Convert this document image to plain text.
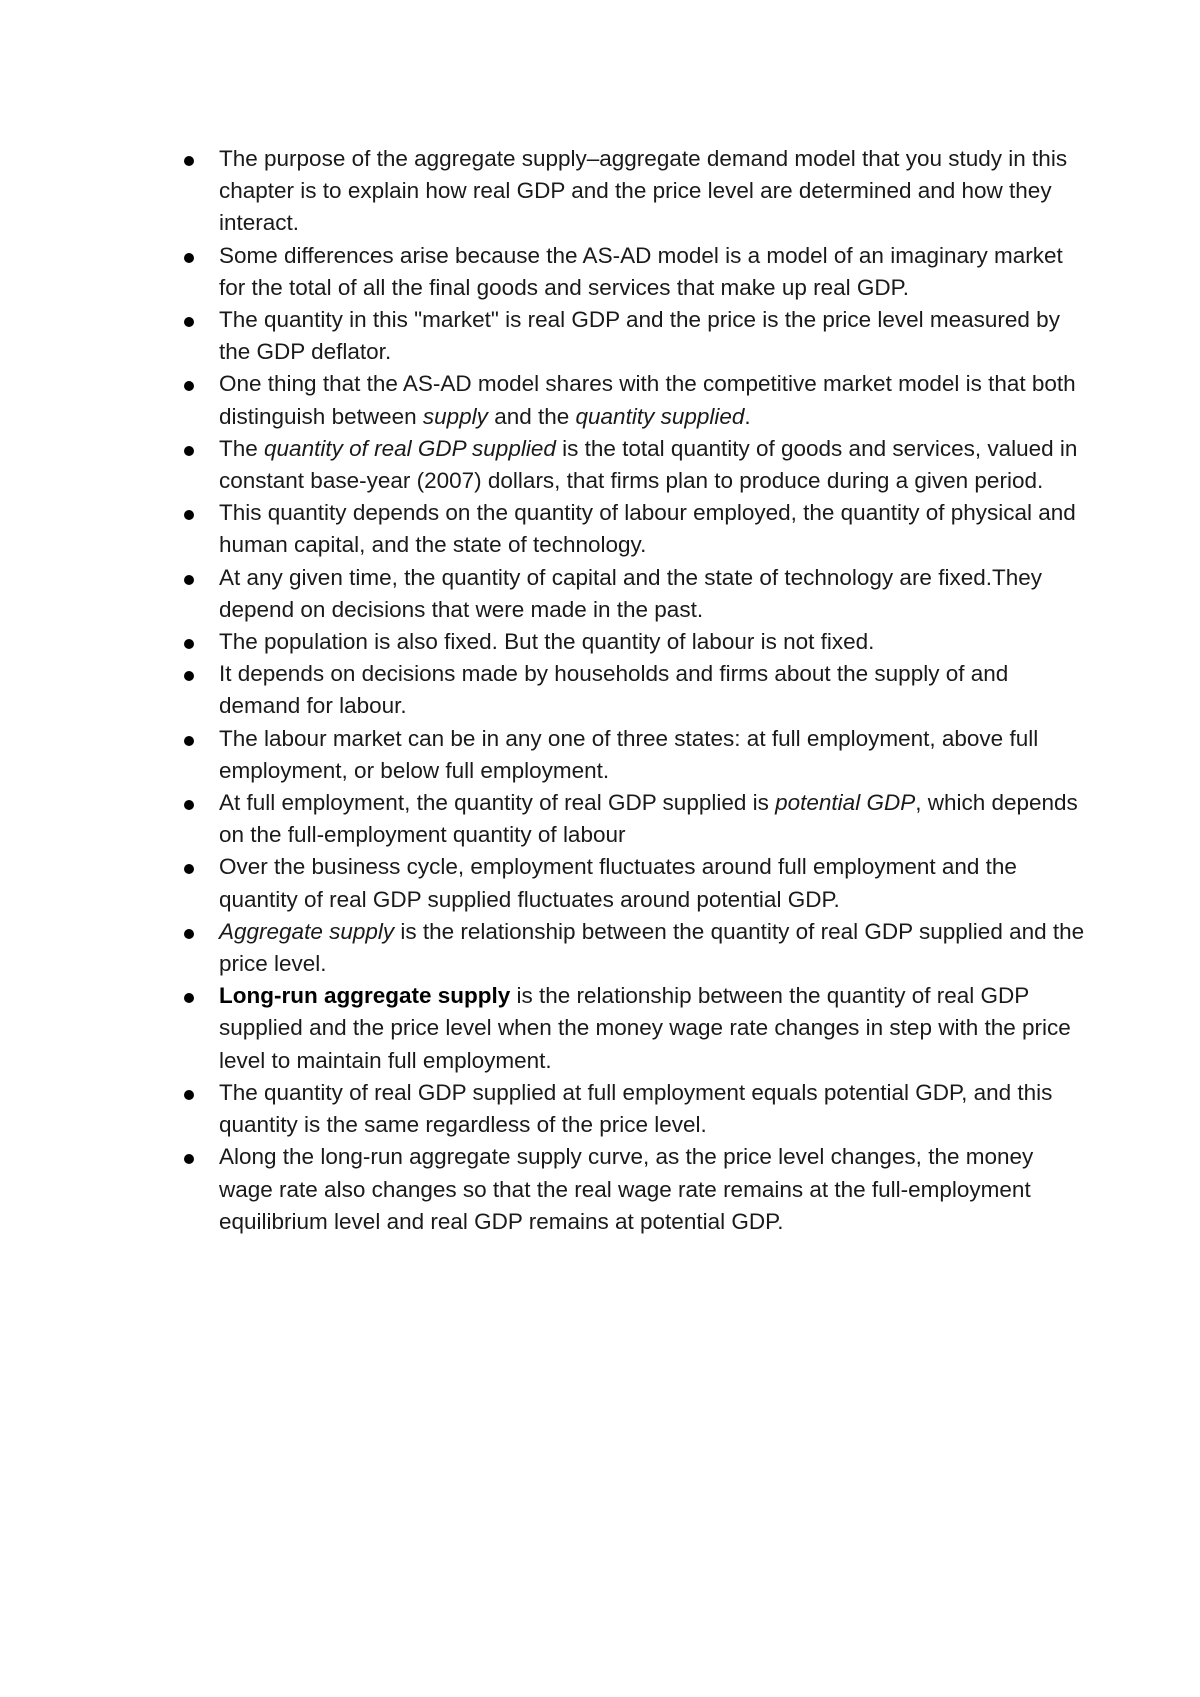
The purpose of the aggregate supply–aggregate demand model that you study in this chapter is to explain how real GDP and the price level are determined and how they interact.
Some differences arise because the AS-AD model is a model of an imaginary market for the total of all the final goods and services that make up real GDP.
The quantity in this "market" is real GDP and the price is the price level measured by the GDP deflator.
One thing that the AS-AD model shares with the competitive market model is that both distinguish between supply and the quantity supplied.
The quantity of real GDP supplied is the total quantity of goods and services, valued in constant base-year (2007) dollars, that firms plan to produce during a given period.
This quantity depends on the quantity of labour employed, the quantity of physical and human capital, and the state of technology.
At any given time, the quantity of capital and the state of technology are fixed.They depend on decisions that were made in the past.
The population is also fixed. But the quantity of labour is not fixed.
It depends on decisions made by households and firms about the supply of and demand for labour.
The labour market can be in any one of three states: at full employment, above full employment, or below full employment.
At full employment, the quantity of real GDP supplied is potential GDP, which depends on the full-employment quantity of labour
Over the business cycle, employment fluctuates around full employment and the quantity of real GDP supplied fluctuates around potential GDP.
Aggregate supply is the relationship between the quantity of real GDP supplied and the price level.
Long-run aggregate supply is the relationship between the quantity of real GDP supplied and the price level when the money wage rate changes in step with the price level to maintain full employment.
The quantity of real GDP supplied at full employment equals potential GDP, and this quantity is the same regardless of the price level.
Along the long-run aggregate supply curve, as the price level changes, the money wage rate also changes so that the real wage rate remains at the full-employment equilibrium level and real GDP remains at potential GDP.
